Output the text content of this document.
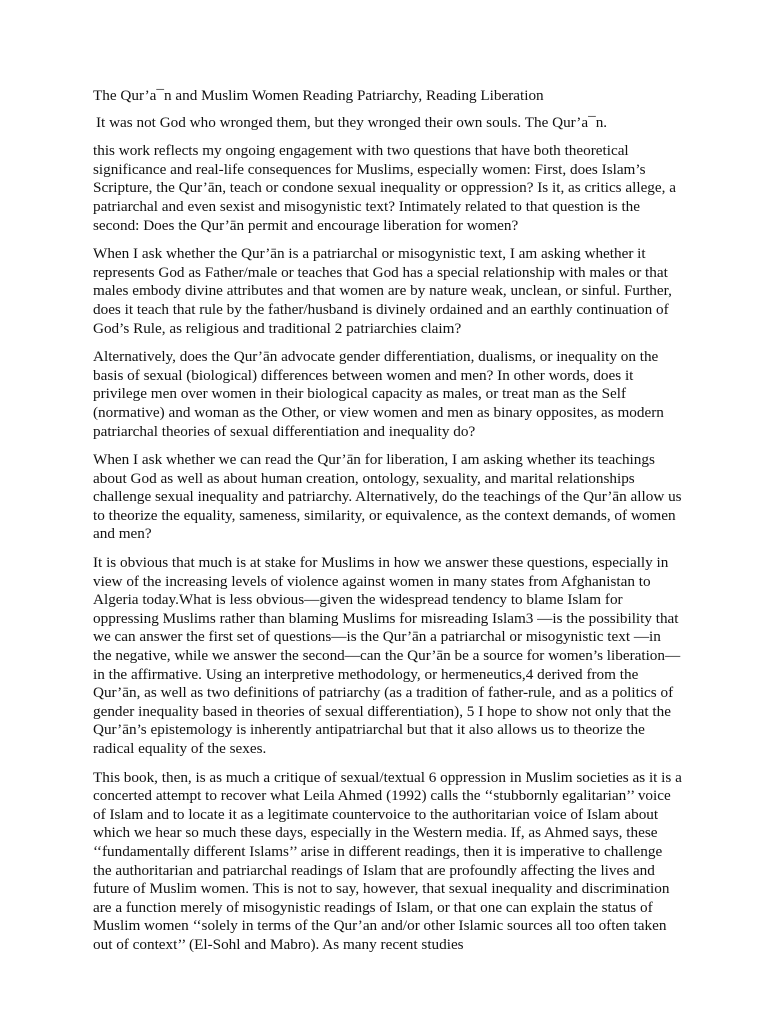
The Qur’a¯n and Muslim Women Reading Patriarchy, Reading Liberation
It was not God who wronged them, but they wronged their own souls. The Qur’a¯n.
this work reflects my ongoing engagement with two questions that have both theoretical significance and real-life consequences for Muslims, especially women: First, does Islam’s Scripture, the Qur’ān, teach or condone sexual inequality or oppression? Is it, as critics allege, a patriarchal and even sexist and misogynistic text? Intimately related to that question is the second: Does the Qur’ān permit and encourage liberation for women?
When I ask whether the Qur’ān is a patriarchal or misogynistic text, I am asking whether it represents God as Father/male or teaches that God has a special relationship with males or that males embody divine attributes and that women are by nature weak, unclean, or sinful. Further, does it teach that rule by the father/husband is divinely ordained and an earthly continuation of God’s Rule, as religious and traditional 2 patriarchies claim?
Alternatively, does the Qur’ān advocate gender differentiation, dualisms, or inequality on the basis of sexual (biological) differences between women and men? In other words, does it privilege men over women in their biological capacity as males, or treat man as the Self (normative) and woman as the Other, or view women and men as binary opposites, as modern patriarchal theories of sexual differentiation and inequality do?
When I ask whether we can read the Qur’ān for liberation, I am asking whether its teachings about God as well as about human creation, ontology, sexuality, and marital relationships challenge sexual inequality and patriarchy. Alternatively, do the teachings of the Qur’ān allow us to theorize the equality, sameness, similarity, or equivalence, as the context demands, of women and men?
It is obvious that much is at stake for Muslims in how we answer these questions, especially in view of the increasing levels of violence against women in many states from Afghanistan to Algeria today.What is less obvious—given the widespread tendency to blame Islam for oppressing Muslims rather than blaming Muslims for misreading Islam3 —is the possibility that we can answer the first set of questions—is the Qur’ān a patriarchal or misogynistic text —in the negative, while we answer the second—can the Qur’ān be a source for women’s liberation—in the affirmative. Using an interpretive methodology, or hermeneutics,4 derived from the Qur’ān, as well as two definitions of patriarchy (as a tradition of father-rule, and as a politics of gender inequality based in theories of sexual differentiation), 5 I hope to show not only that the Qur’ān’s epistemology is inherently antipatriarchal but that it also allows us to theorize the radical equality of the sexes.
This book, then, is as much a critique of sexual/textual 6 oppression in Muslim societies as it is a concerted attempt to recover what Leila Ahmed (1992) calls the ‘‘stubbornly egalitarian’’ voice of Islam and to locate it as a legitimate countervoice to the authoritarian voice of Islam about which we hear so much these days, especially in the Western media. If, as Ahmed says, these ‘‘fundamentally different Islams’’ arise in different readings, then it is imperative to challenge the authoritarian and patriarchal readings of Islam that are profoundly affecting the lives and future of Muslim women. This is not to say, however, that sexual inequality and discrimination are a function merely of misogynistic readings of Islam, or that one can explain the status of Muslim women ‘‘solely in terms of the Qur’an and/or other Islamic sources all too often taken out of context’’ (El-Sohl and Mabro). As many recent studies
